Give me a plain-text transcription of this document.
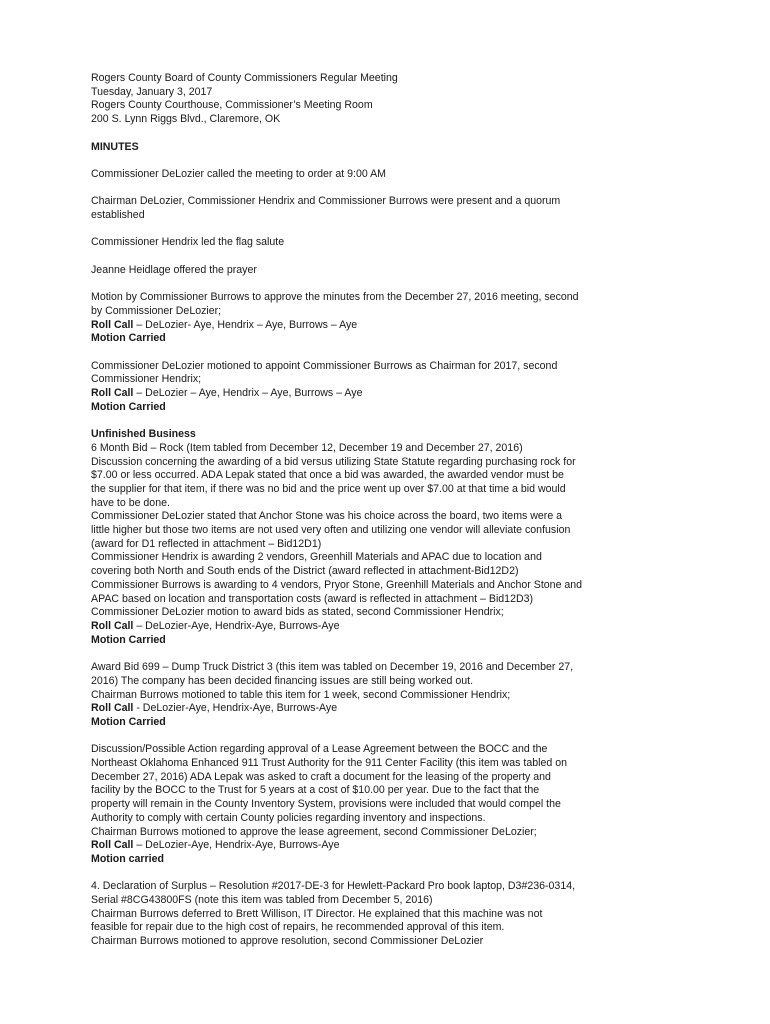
Rogers County Board of County Commissioners Regular Meeting
Tuesday, January 3, 2017
Rogers County Courthouse, Commissioner’s Meeting Room
200 S. Lynn Riggs Blvd., Claremore, OK
MINUTES
Commissioner DeLozier called the meeting to order at 9:00 AM
Chairman DeLozier, Commissioner Hendrix and Commissioner Burrows were present and a quorum
established
Commissioner Hendrix led the flag salute
Jeanne Heidlage offered the prayer
Motion by Commissioner Burrows to approve the minutes from the December 27, 2016 meeting, second
by Commissioner DeLozier;
Roll Call – DeLozier- Aye, Hendrix – Aye, Burrows – Aye
Motion Carried
Commissioner DeLozier motioned to appoint Commissioner Burrows as Chairman for 2017, second
Commissioner Hendrix;
Roll Call – DeLozier – Aye, Hendrix – Aye, Burrows – Aye
Motion Carried
Unfinished Business
6 Month Bid – Rock (Item tabled from December 12, December 19 and December 27, 2016)
Discussion concerning the awarding of a bid versus utilizing State Statute regarding purchasing rock for
$7.00 or less occurred. ADA Lepak stated that once a bid was awarded, the awarded vendor must be
the supplier for that item, if there was no bid and the price went up over $7.00 at that time a bid would
have to be done.
Commissioner DeLozier stated that Anchor Stone was his choice across the board, two items were a
little higher but those two items are not used very often and utilizing one vendor will alleviate confusion
(award for D1 reflected in attachment – Bid12D1)
Commissioner Hendrix is awarding 2 vendors, Greenhill Materials and APAC due to location and
covering both North and South ends of the District (award reflected in attachment-Bid12D2)
Commissioner Burrows is awarding to 4 vendors, Pryor Stone, Greenhill Materials and Anchor Stone and
APAC based on location and transportation costs (award is reflected in attachment – Bid12D3)
Commissioner DeLozier motion to award bids as stated, second Commissioner Hendrix;
Roll Call – DeLozier-Aye, Hendrix-Aye, Burrows-Aye
Motion Carried
Award Bid 699 – Dump Truck District 3 (this item was tabled on December 19, 2016 and December 27,
2016) The company has been decided financing issues are still being worked out.
Chairman Burrows motioned to table this item for 1 week, second Commissioner Hendrix;
Roll Call - DeLozier-Aye, Hendrix-Aye, Burrows-Aye
Motion Carried
Discussion/Possible Action regarding approval of a Lease Agreement between the BOCC and the
Northeast Oklahoma Enhanced 911 Trust Authority for the 911 Center Facility (this item was tabled on
December 27, 2016) ADA Lepak was asked to craft a document for the leasing of the property and
facility by the BOCC to the Trust for 5 years at a cost of $10.00 per year. Due to the fact that the
property will remain in the County Inventory System, provisions were included that would compel the
Authority to comply with certain County policies regarding inventory and inspections.
Chairman Burrows motioned to approve the lease agreement, second Commissioner DeLozier;
Roll Call – DeLozier-Aye, Hendrix-Aye, Burrows-Aye
Motion carried
4. Declaration of Surplus – Resolution #2017-DE-3 for Hewlett-Packard Pro book laptop, D3#236-0314,
Serial #8CG43800FS (note this item was tabled from December 5, 2016)
Chairman Burrows deferred to Brett Willison, IT Director. He explained that this machine was not
feasible for repair due to the high cost of repairs, he recommended approval of this item.
Chairman Burrows motioned to approve resolution, second Commissioner DeLozier
